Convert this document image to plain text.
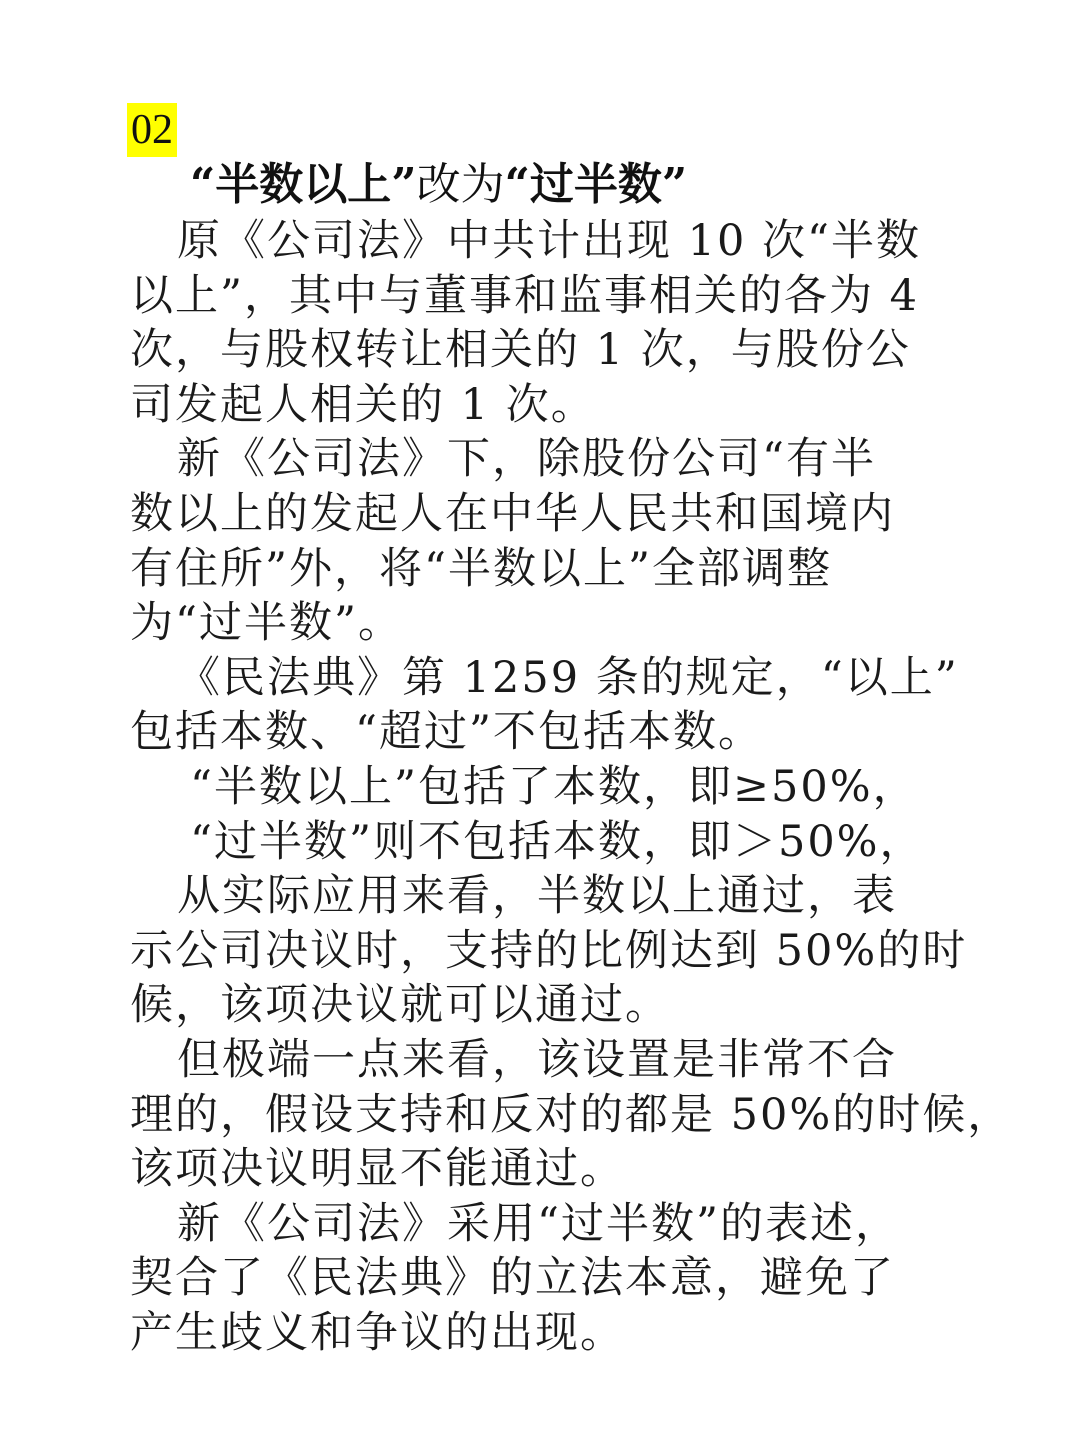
02
“半数以上”改为“过半数”
原《公司法》中共计出现 10 次“半数
以上”，其中与董事和监事相关的各为 4
次，与股权转让相关的 1 次，与股份公
司发起人相关的 1 次。
新《公司法》下，除股份公司“有半
数以上的发起人在中华人民共和国境内
有住所”外，将“半数以上”全部调整
为“过半数”。
《民法典》第 1259 条的规定，“以上”
包括本数、“超过”不包括本数。
“半数以上”包括了本数，即≥50%，
“过半数”则不包括本数，即＞50%，
从实际应用来看，半数以上通过，表
示公司决议时，支持的比例达到 50%的时
候，该项决议就可以通过。
但极端一点来看，该设置是非常不合
理的，假设支持和反对的都是 50%的时候，
该项决议明显不能通过。
新《公司法》采用“过半数”的表述，
契合了《民法典》的立法本意，避免了
产生歧义和争议的出现。
